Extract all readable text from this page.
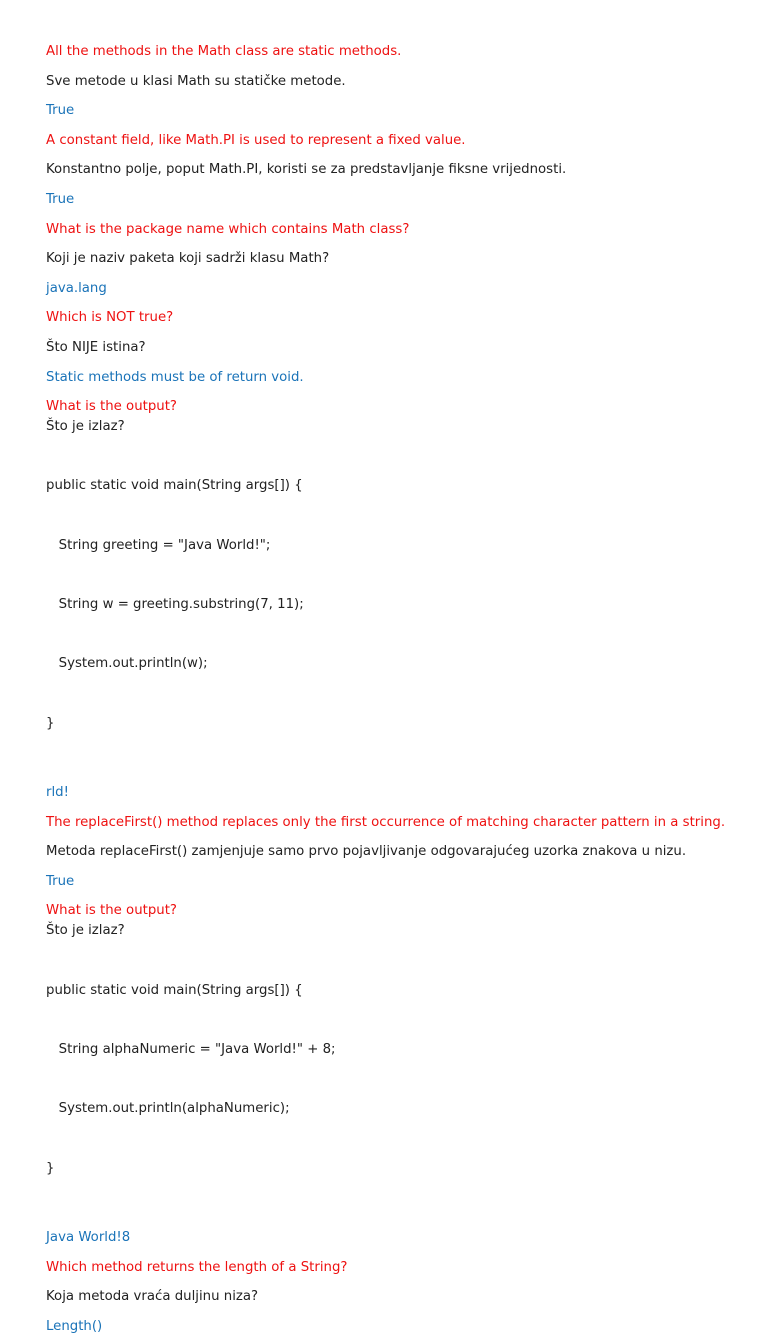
All the methods in the Math class are static methods.

Sve metode u klasi Math su statičke metode.

True

A constant field, like Math.PI is used to represent a fixed value.

Konstantno polje, poput Math.PI, koristi se za predstavljanje fiksne vrijednosti.

True

What is the package name which contains Math class?

Koji je naziv paketa koji sadrži klasu Math?

java.lang

Which is NOT true?

Što NIJE istina?

Static methods must be of return void.

What is the output?

Što je izlaz?

public static void main(String args[]) {

String greeting = "Java World!";

String w = greeting.substring(7, 11);

System.out.println(w);

}

rld!

The replaceFirst() method replaces only the first occurrence of matching character pattern in a string.

Metoda replaceFirst() zamjenjuje samo prvo pojavljivanje odgovarajućeg uzorka znakova u nizu.

True

What is the output?

Što je izlaz?

public static void main(String args[]) {

String alphaNumeric = "Java World!" + 8;

System.out.println(alphaNumeric);

}

Java World!8

Which method returns the length of a String?

Koja metoda vraća duljinu niza?

Length()
